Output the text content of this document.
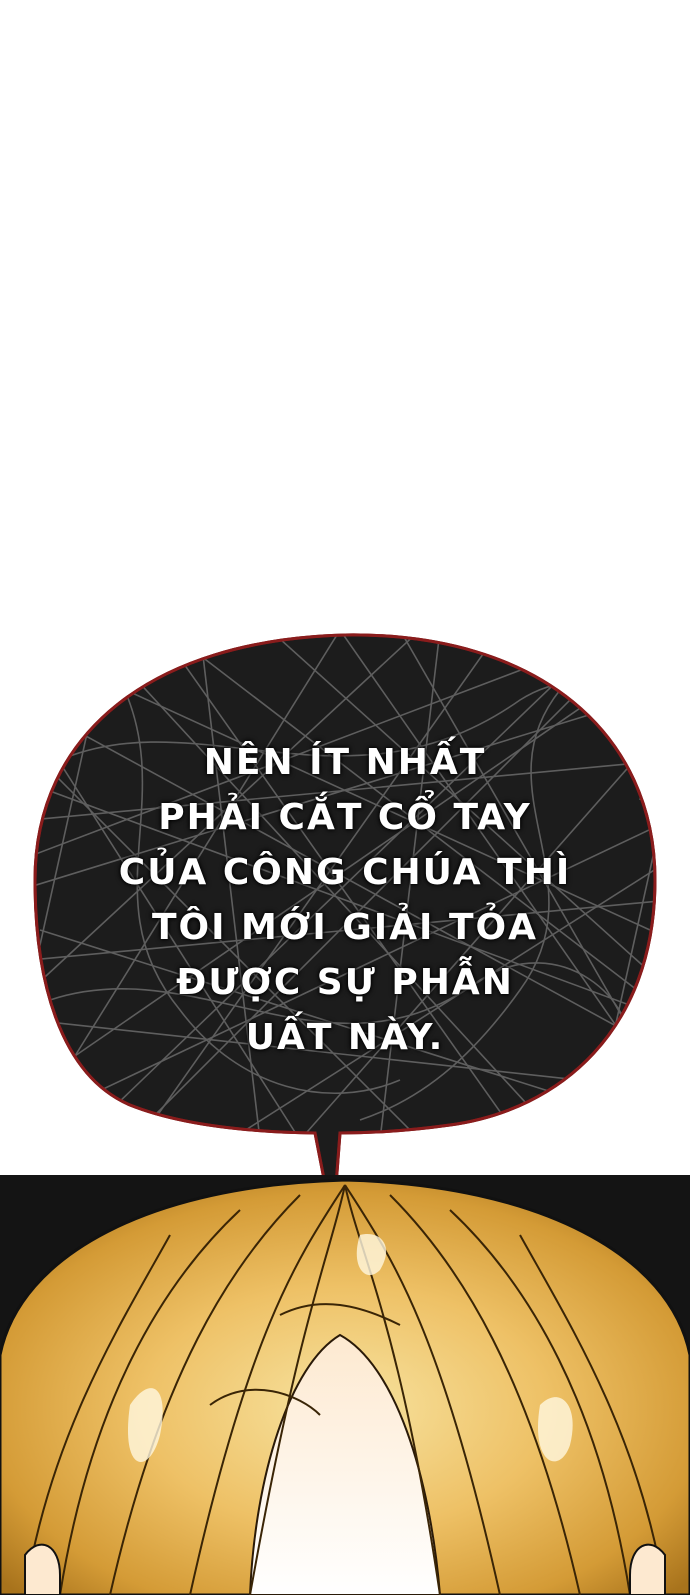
NÊN ÍT NHẤT
PHẢI CẮT CỔ TAY
CỦA CÔNG CHÚA THÌ
TÔI MỚI GIẢI TỎA
ĐƯỢC SỰ PHẪN
UẤT NÀY.
